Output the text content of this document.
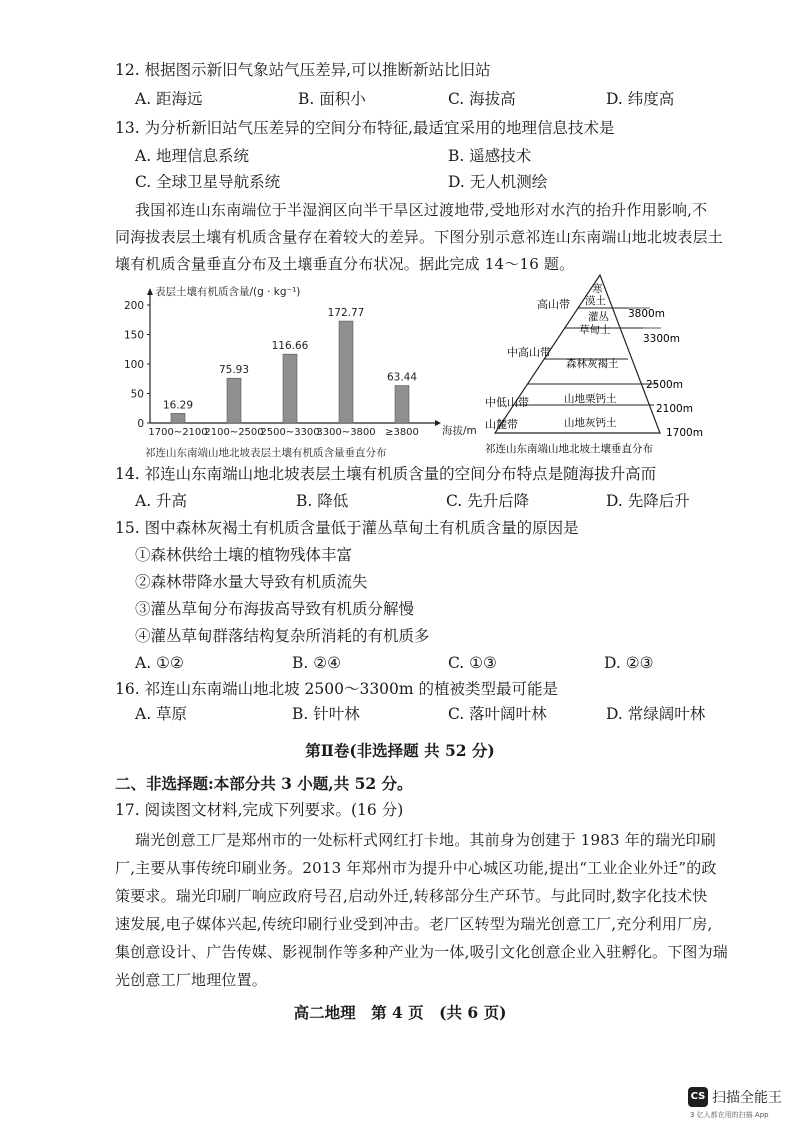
12. 根据图示新旧气象站气压差异,可以推断新站比旧站
A. 距海远	B. 面积小	C. 海拔高	D. 纬度高
13. 为分析新旧站气压差异的空间分布特征,最适宜采用的地理信息技术是
A. 地理信息系统	B. 遥感技术
C. 全球卫星导航系统	D. 无人机测绘
我国祁连山东南端位于半湿润区向半干旱区过渡地带,受地形对水汽的抬升作用影响,不
同海拔表层土壤有机质含量存在着较大的差异。下图分别示意祁连山东南端山地北坡表层土
壤有机质含量垂直分布及土壤垂直分布状况。据此完成 14～16 题。
0
50
100
150
200
表层土壤有机质含量/(g · kg⁻¹)
海拔/m
16.29
1700~2100
75.93
2100~2500
116.66
2500~3300
172.77
3300~3800
63.44
≥3800
祁连山东南端山地北坡表层土壤有机质含量垂直分布
寒
漠土
灌丛
草甸土
森林灰褐土
山地栗钙土
山地灰钙土
高山带
中高山带
中低山带
山麓带
3800m
3300m
2500m
2100m
1700m
祁连山东南端山地北坡土壤垂直分布
14. 祁连山东南端山地北坡表层土壤有机质含量的空间分布特点是随海拔升高而
A. 升高	B. 降低	C. 先升后降	D. 先降后升
15. 图中森林灰褐土有机质含量低于灌丛草甸土有机质含量的原因是
①森林供给土壤的植物残体丰富
②森林带降水量大导致有机质流失
③灌丛草甸分布海拔高导致有机质分解慢
④灌丛草甸群落结构复杂所消耗的有机质多
A. ①②	B. ②④	C. ①③	D. ②③
16. 祁连山东南端山地北坡 2500～3300m 的植被类型最可能是
A. 草原	B. 针叶林	C. 落叶阔叶林	D. 常绿阔叶林
第Ⅱ卷(非选择题 共 52 分)
二、非选择题:本部分共 3 小题,共 52 分。
17. 阅读图文材料,完成下列要求。(16 分)
瑞光创意工厂是郑州市的一处标杆式网红打卡地。其前身为创建于 1983 年的瑞光印刷
厂,主要从事传统印刷业务。2013 年郑州市为提升中心城区功能,提出“工业企业外迁”的政
策要求。瑞光印刷厂响应政府号召,启动外迁,转移部分生产环节。与此同时,数字化技术快
速发展,电子媒体兴起,传统印刷行业受到冲击。老厂区转型为瑞光创意工厂,充分利用厂房,
集创意设计、广告传媒、影视制作等多种产业为一体,吸引文化创意企业入驻孵化。下图为瑞
光创意工厂地理位置。
高二地理　第 4 页　(共 6 页)
CS 扫描全能王
3 亿人都在用的扫描 App
